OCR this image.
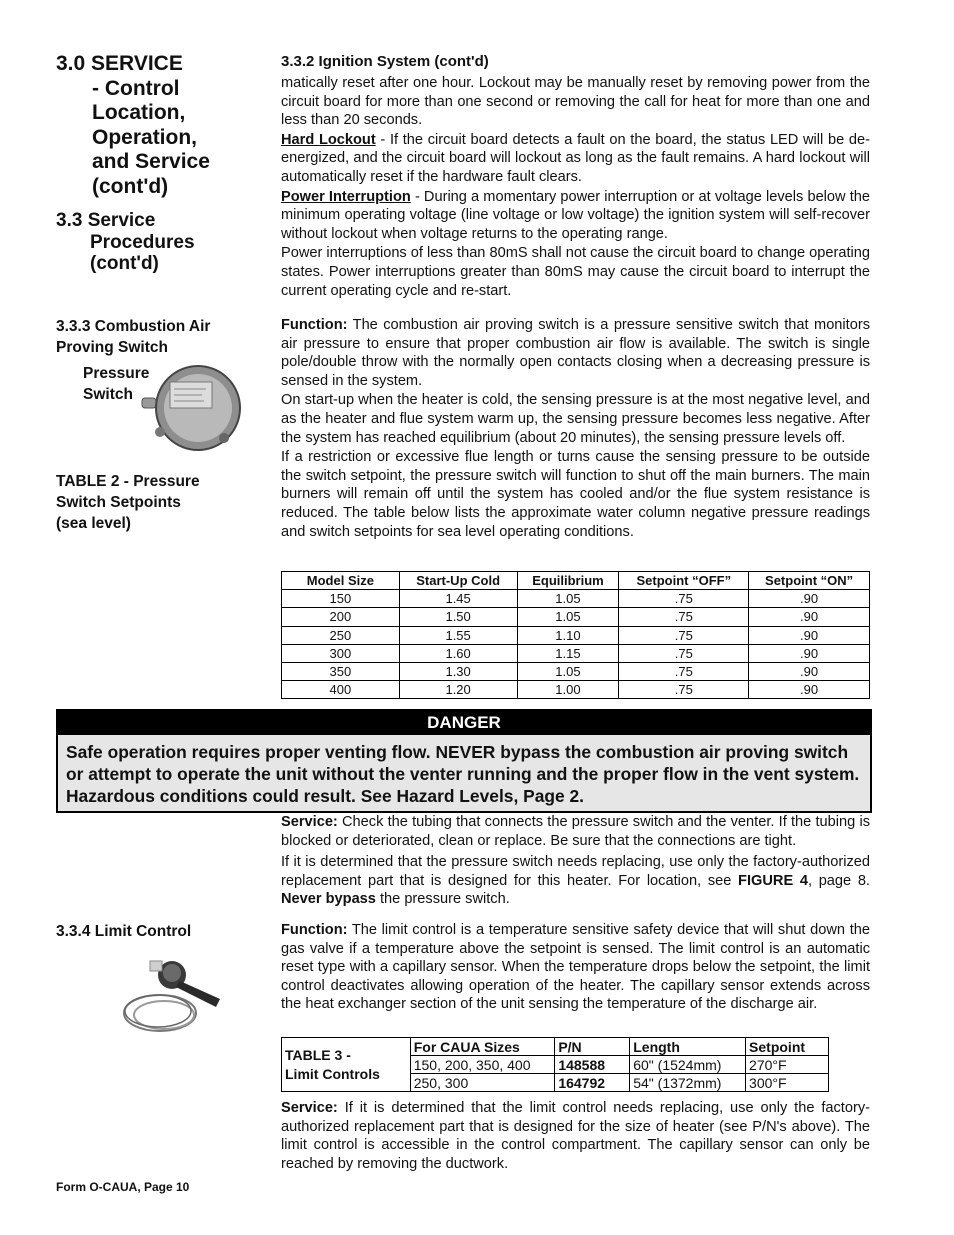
3.0 SERVICE

- Control
Location,
Operation,
and Service
(cont'd)
3.3 Service
Procedures
(cont'd)
3.3.2 Ignition System (cont'd)

matically reset after one hour. Lockout may be manually reset by removing power from the circuit board for more than one second or removing the call for heat for more than one and less than 20 seconds.

Hard Lockout - If the circuit board detects a fault on the board, the status LED will be de-energized, and the circuit board will lockout as long as the fault remains. A hard lockout will automatically reset if the hardware fault clears.

Power Interruption - During a momentary power interruption or at voltage levels below the minimum operating voltage (line voltage or low voltage) the ignition system will self-recover without lockout when voltage returns to the operating range.

Power interruptions of less than 80mS shall not cause the circuit board to change operating states. Power interruptions greater than 80mS may cause the circuit board to interrupt the current operating cycle and re-start.

3.3.3 Combustion Air
Proving Switch
Pressure
Switch
TABLE 2 - Pressure
Switch Setpoints
(sea level)

Function: The combustion air proving switch is a pressure sensitive switch that monitors air pressure to ensure that proper combustion air flow is available. The switch is single pole/double throw with the normally open contacts closing when a decreasing pressure is sensed in the system.

On start-up when the heater is cold, the sensing pressure is at the most negative level, and as the heater and flue system warm up, the sensing pressure becomes less negative. After the system has reached equilibrium (about 20 minutes), the sensing pressure levels off.

If a restriction or excessive flue length or turns cause the sensing pressure to be outside the switch setpoint, the pressure switch will function to shut off the main burners. The main burners will remain off until the system has cooled and/or the flue system resistance is reduced. The table below lists the approximate water column negative pressure readings and switch setpoints for sea level operating conditions.

Model Size	Start-Up Cold	Equilibrium	Setpoint “OFF”	Setpoint “ON”
150	1.45	1.05	.75	.90
200	1.50	1.05	.75	.90
250	1.55	1.10	.75	.90
300	1.60	1.15	.75	.90
350	1.30	1.05	.75	.90
400	1.20	1.00	.75	.90
DANGER
Safe operation requires proper venting flow. NEVER bypass the combustion air proving switch or attempt to operate the unit without the venter running and the proper flow in the vent system. Hazardous conditions could result. See Hazard Levels, Page 2.

Service: Check the tubing that connects the pressure switch and the venter. If the tubing is blocked or deteriorated, clean or replace. Be sure that the connections are tight.

If it is determined that the pressure switch needs replacing, use only the factory-authorized replacement part that is designed for this heater. For location, see FIGURE 4, page 8. Never bypass the pressure switch.

3.3.4 Limit Control	Function: The limit control is a temperature sensitive safety device that will shut down the gas valve if a temperature above the setpoint is sensed. The limit control is an automatic reset type with a capillary sensor. When the temperature drops below the setpoint, the limit control deactivates allowing operation of the heater. The capillary sensor extends across the heat exchanger section of the unit sensing the temperature of the discharge air.

TABLE 3 -
Limit Controls	For CAUA Sizes	P/N	Length	Setpoint
	150, 200, 350, 400	148588	60" (1524mm)	270°F
	250, 300	164792	54" (1372mm)	300°F

Service: If it is determined that the limit control needs replacing, use only the factory-authorized replacement part that is designed for the size of heater (see P/N's above). The limit control is accessible in the control compartment. The capillary sensor can only be reached by removing the ductwork.

Form O-CAUA, Page 10
